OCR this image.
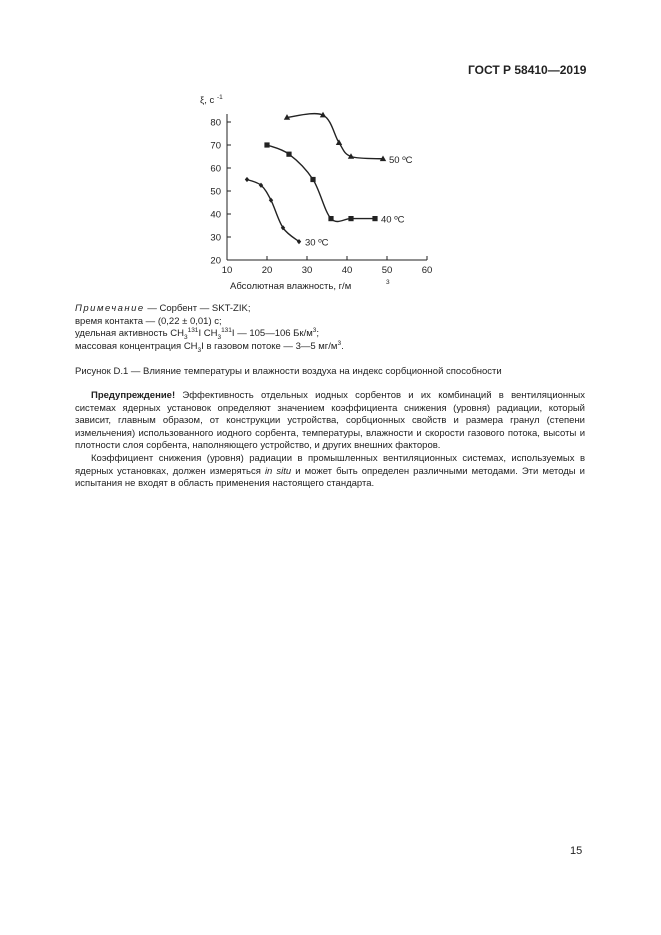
ГОСТ Р 58410—2019
10	20	30	40	50	60
20
30
40
50
60
70
80
ξ, с -1
Абсолютная влажность, г/м	3
50 ºC
40 ºC
30 ºC
Примечание — Сорбент — SKT-ZIK;
время контакта — (0,22 ± 0,01) с;
удельная активность $CH_3^{131}I$ $CH_3^{131}I$ — 105—106 $Бк/м^3$;
массовая концентрация $CH_3I$ в газовом потоке — 3—5 $мг/м^3$.
Рисунок D.1 — Влияние температуры и влажности воздуха на индекс сорбционной способности

Предупреждение! Эффективность отдельных иодных сорбентов и их комбинаций в вентиляционных системах ядерных установок определяют значением коэффициента снижения (уровня) радиации, который зависит, главным образом, от конструкции устройства, сорбционных свойств и размера гранул (степени измельчения) использованного иодного сорбента, температуры, влажности и скорости газового потока, высоты и плотности слоя сорбента, наполняющего устройство, и других внешних факторов.

Коэффициент снижения (уровня) радиации в промышленных вентиляционных системах, используемых в ядерных установках, должен измеряться in situ и может быть определен различными методами. Эти методы и испытания не входят в область применения настоящего стандарта.

15
